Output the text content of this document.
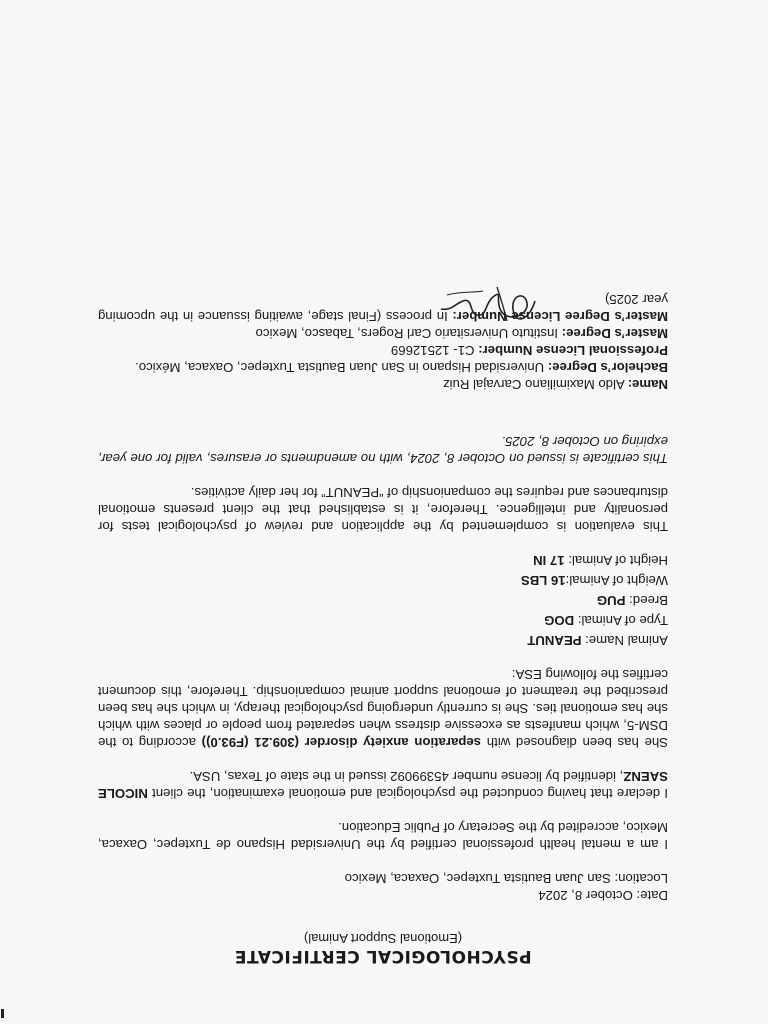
PSYCHOLOGICAL CERTIFICATE
(Emotional Support Animal)

Date: October 8, 2024

Location: San Juan Bautista Tuxtepec, Oaxaca, Mexico

I am a mental health professional certified by the Universidad Hispano de Tuxtepec, Oaxaca, Mexico, accredited by the Secretary of Public Education.

I declare that having conducted the psychological and emotional examination, the client NICOLE SAENZ, identified by license number 45399092 issued in the state of Texas, USA.

She has been diagnosed with separation anxiety disorder (309.21 (F93.0)) according to the DSM-5, which manifests as excessive distress when separated from people or places with which she has emotional ties. She is currently undergoing psychological therapy, in which she has been prescribed the treatment of emotional support animal companionship. Therefore, this document certifies the following ESA:

Animal Name: PEANUT
Type of Animal: DOG
Breed: PUG
Weight of Animal:16 LBS
Height of Animal: 17 IN

This evaluation is complemented by the application and review of psychological tests for personality and intelligence. Therefore, it is established that the client presents emotional disturbances and requires the companionship of “PEANUT” for her daily activities.

This certificate is issued on October 8, 2024, with no amendments or erasures, valid for one year, expiring on October 8, 2025.

Name: Aldo Maximiliano Carvajal Ruiz

Bachelor’s Degree: Universidad Hispano in San Juan Bautista Tuxtepec, Oaxaca, México.

Professional License Number: C1- 12512669

Master’s Degree: Instituto Universitario Carl Rogers, Tabasco, Mexico

Master’s Degree License Number: In process (Final stage, awaiting issuance in the upcoming year 2025)
